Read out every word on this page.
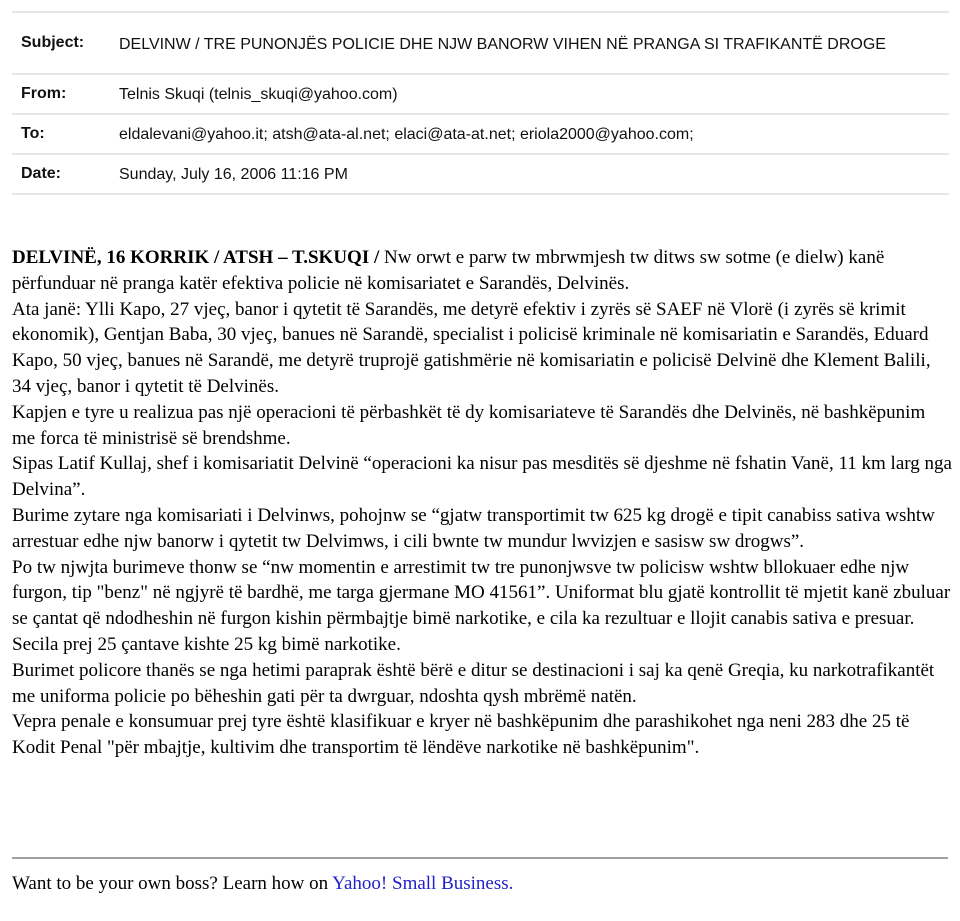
Subject:	DELVINW / TRE PUNONJËS POLICIE DHE NJW BANORW VIHEN NË PRANGA SI TRAFIKANTË DROGE
From:	Telnis Skuqi (telnis_skuqi@yahoo.com)
To:	eldalevani@yahoo.it; atsh@ata-al.net; elaci@ata-at.net; eriola2000@yahoo.com;
Date:	Sunday, July 16, 2006 11:16 PM

DELVINË, 16 KORRIK / ATSH – T.SKUQI / Nw orwt e parw tw mbrwmjesh tw ditws sw sotme (e dielw) kanë përfunduar në pranga katër efektiva policie në komisariatet e Sarandës, Delvinës.

Ata janë: Ylli Kapo, 27 vjeç, banor i qytetit të Sarandës, me detyrë efektiv i zyrës së SAEF në Vlorë (i zyrës së krimit ekonomik), Gentjan Baba, 30 vjeç, banues në Sarandë, specialist i policisë kriminale në komisariatin e Sarandës, Eduard Kapo, 50 vjeç, banues në Sarandë, me detyrë truprojë gatishmërie në komisariatin e policisë Delvinë dhe Klement Balili, 34 vjeç, banor i qytetit të Delvinës.

Kapjen e tyre u realizua pas një operacioni të përbashkët të dy komisariateve të Sarandës dhe Delvinës, në bashkëpunim me forca të ministrisë së brendshme.

Sipas Latif Kullaj, shef i komisariatit Delvinë “operacioni ka nisur pas mesditës së djeshme në fshatin Vanë, 11 km larg nga Delvina”.

Burime zytare nga komisariati i Delvinws, pohojnw se “gjatw transportimit tw 625 kg drogë e tipit canabiss sativa wshtw arrestuar edhe njw banorw i qytetit tw Delvimws, i cili bwnte tw mundur lwvizjen e sasisw sw drogws”.

Po tw njwjta burimeve thonw se “nw momentin e arrestimit tw tre punonjwsve tw policisw wshtw bllokuaer edhe njw furgon, tip "benz" në ngjyrë të bardhë, me targa gjermane MO 41561”. Uniformat blu gjatë kontrollit të mjetit kanë zbuluar se çantat që ndodheshin në furgon kishin përmbajtje bimë narkotike, e cila ka rezultuar e llojit canabis sativa e presuar. Secila prej 25 çantave kishte 25 kg bimë narkotike.

Burimet policore thanës se nga hetimi paraprak është bërë e ditur se destinacioni i saj ka qenë Greqia, ku narkotrafikantët me uniforma policie po bëheshin gati për ta dwrguar, ndoshta qysh mbrëmë natën.

Vepra penale e konsumuar prej tyre është klasifikuar e kryer në bashkëpunim dhe parashikohet nga neni 283 dhe 25 të Kodit Penal "për mbajtje, kultivim dhe transportim të lëndëve narkotike në bashkëpunim".

Want to be your own boss? Learn how on Yahoo! Small Business.
